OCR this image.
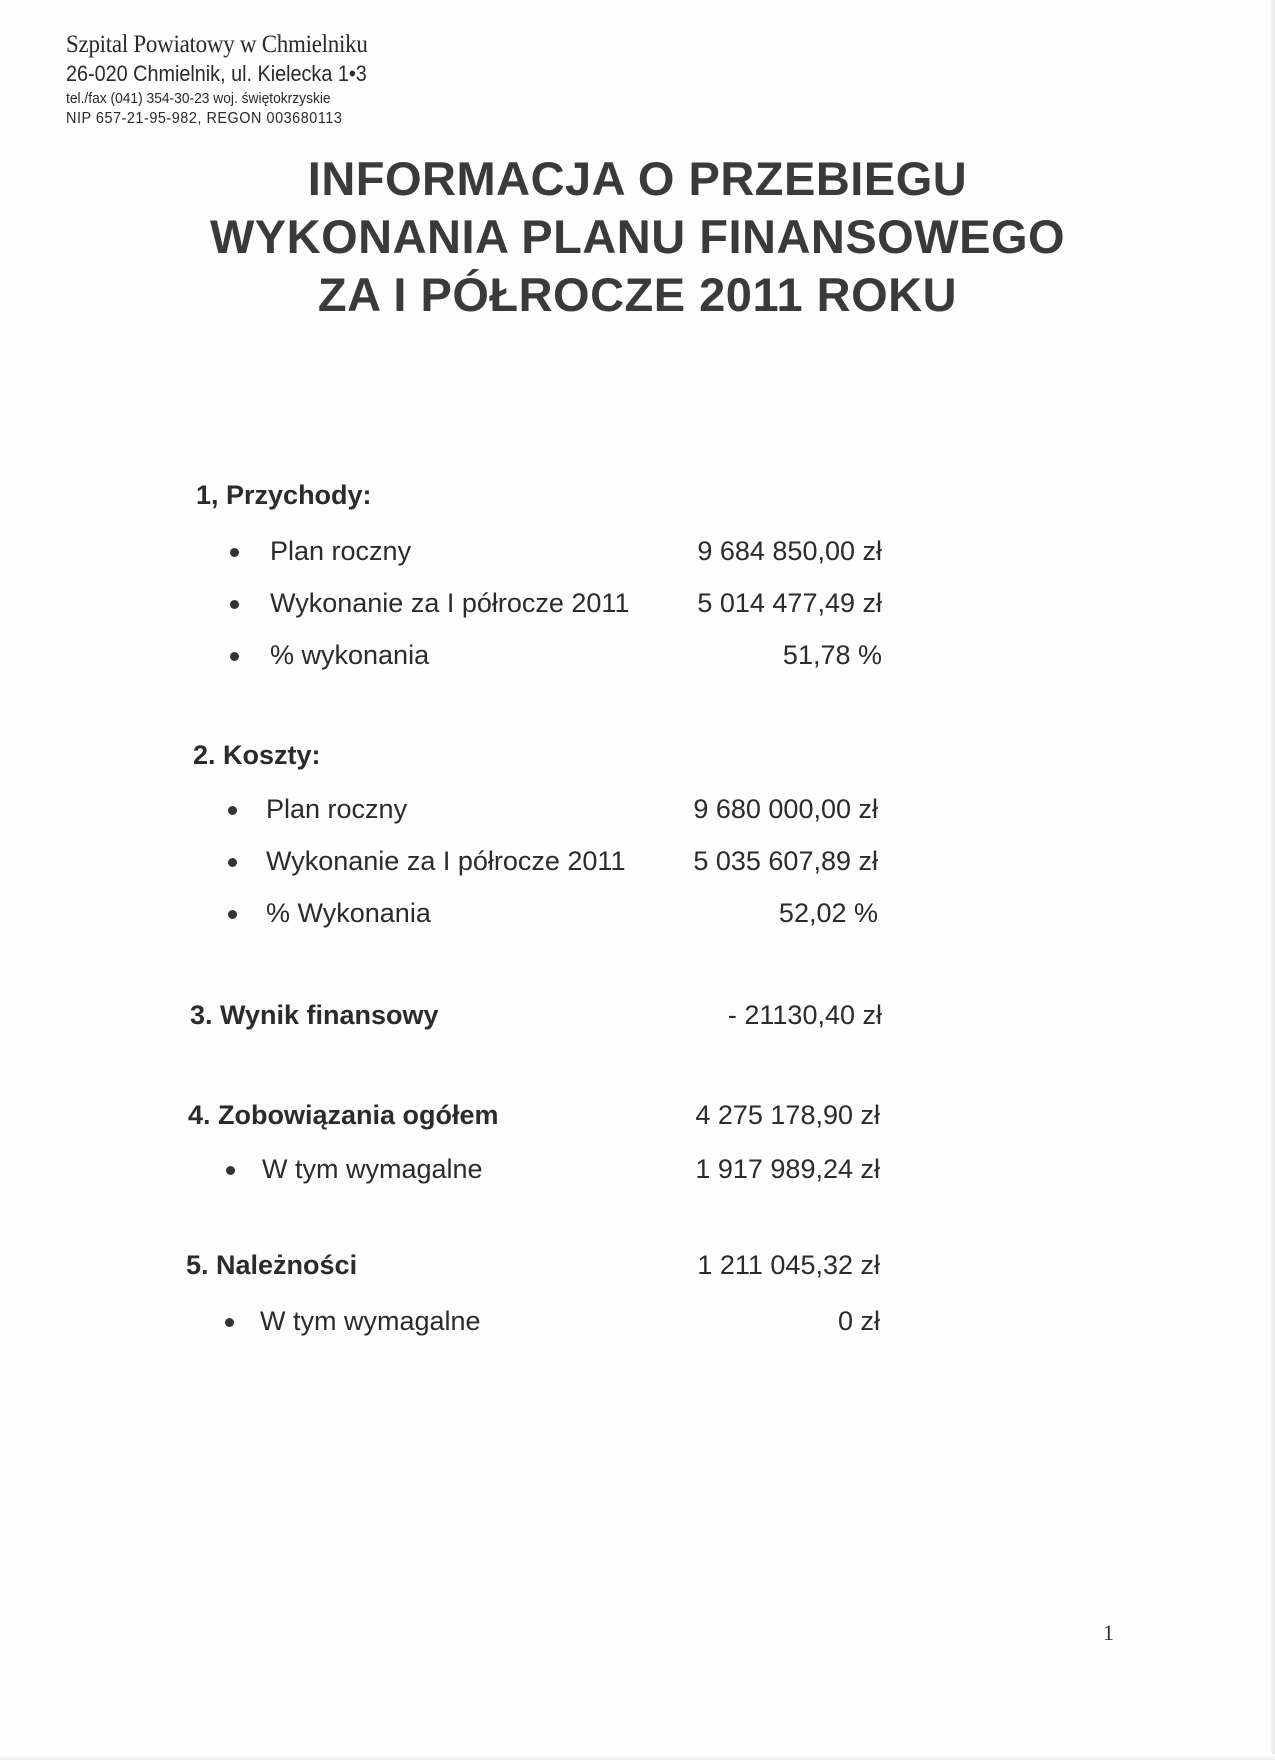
Szpital Powiatowy w Chmielniku
26-020 Chmielnik, ul. Kielecka 1•3
tel./fax (041) 354-30-23 woj. świętokrzyskie
NIP 657-21-95-982, REGON 003680113
INFORMACJA O PRZEBIEGU
WYKONANIA PLANU FINANSOWEGO
ZA I PÓŁROCZE 2011 ROKU
1, Przychody:
Plan roczny	9 684 850,00 zł
Wykonanie za I półrocze 2011	5 014 477,49 zł
% wykonania	51,78 %
2. Koszty:
Plan roczny	9 680 000,00 zł
Wykonanie za I półrocze 2011	5 035 607,89 zł
% Wykonania	52,02 %
3. Wynik finansowy	- 21130,40 zł
4. Zobowiązania ogółem	4 275 178,90 zł
W tym wymagalne	1 917 989,24 zł
5. Należności	1 211 045,32 zł
W tym wymagalne	0 zł
1
